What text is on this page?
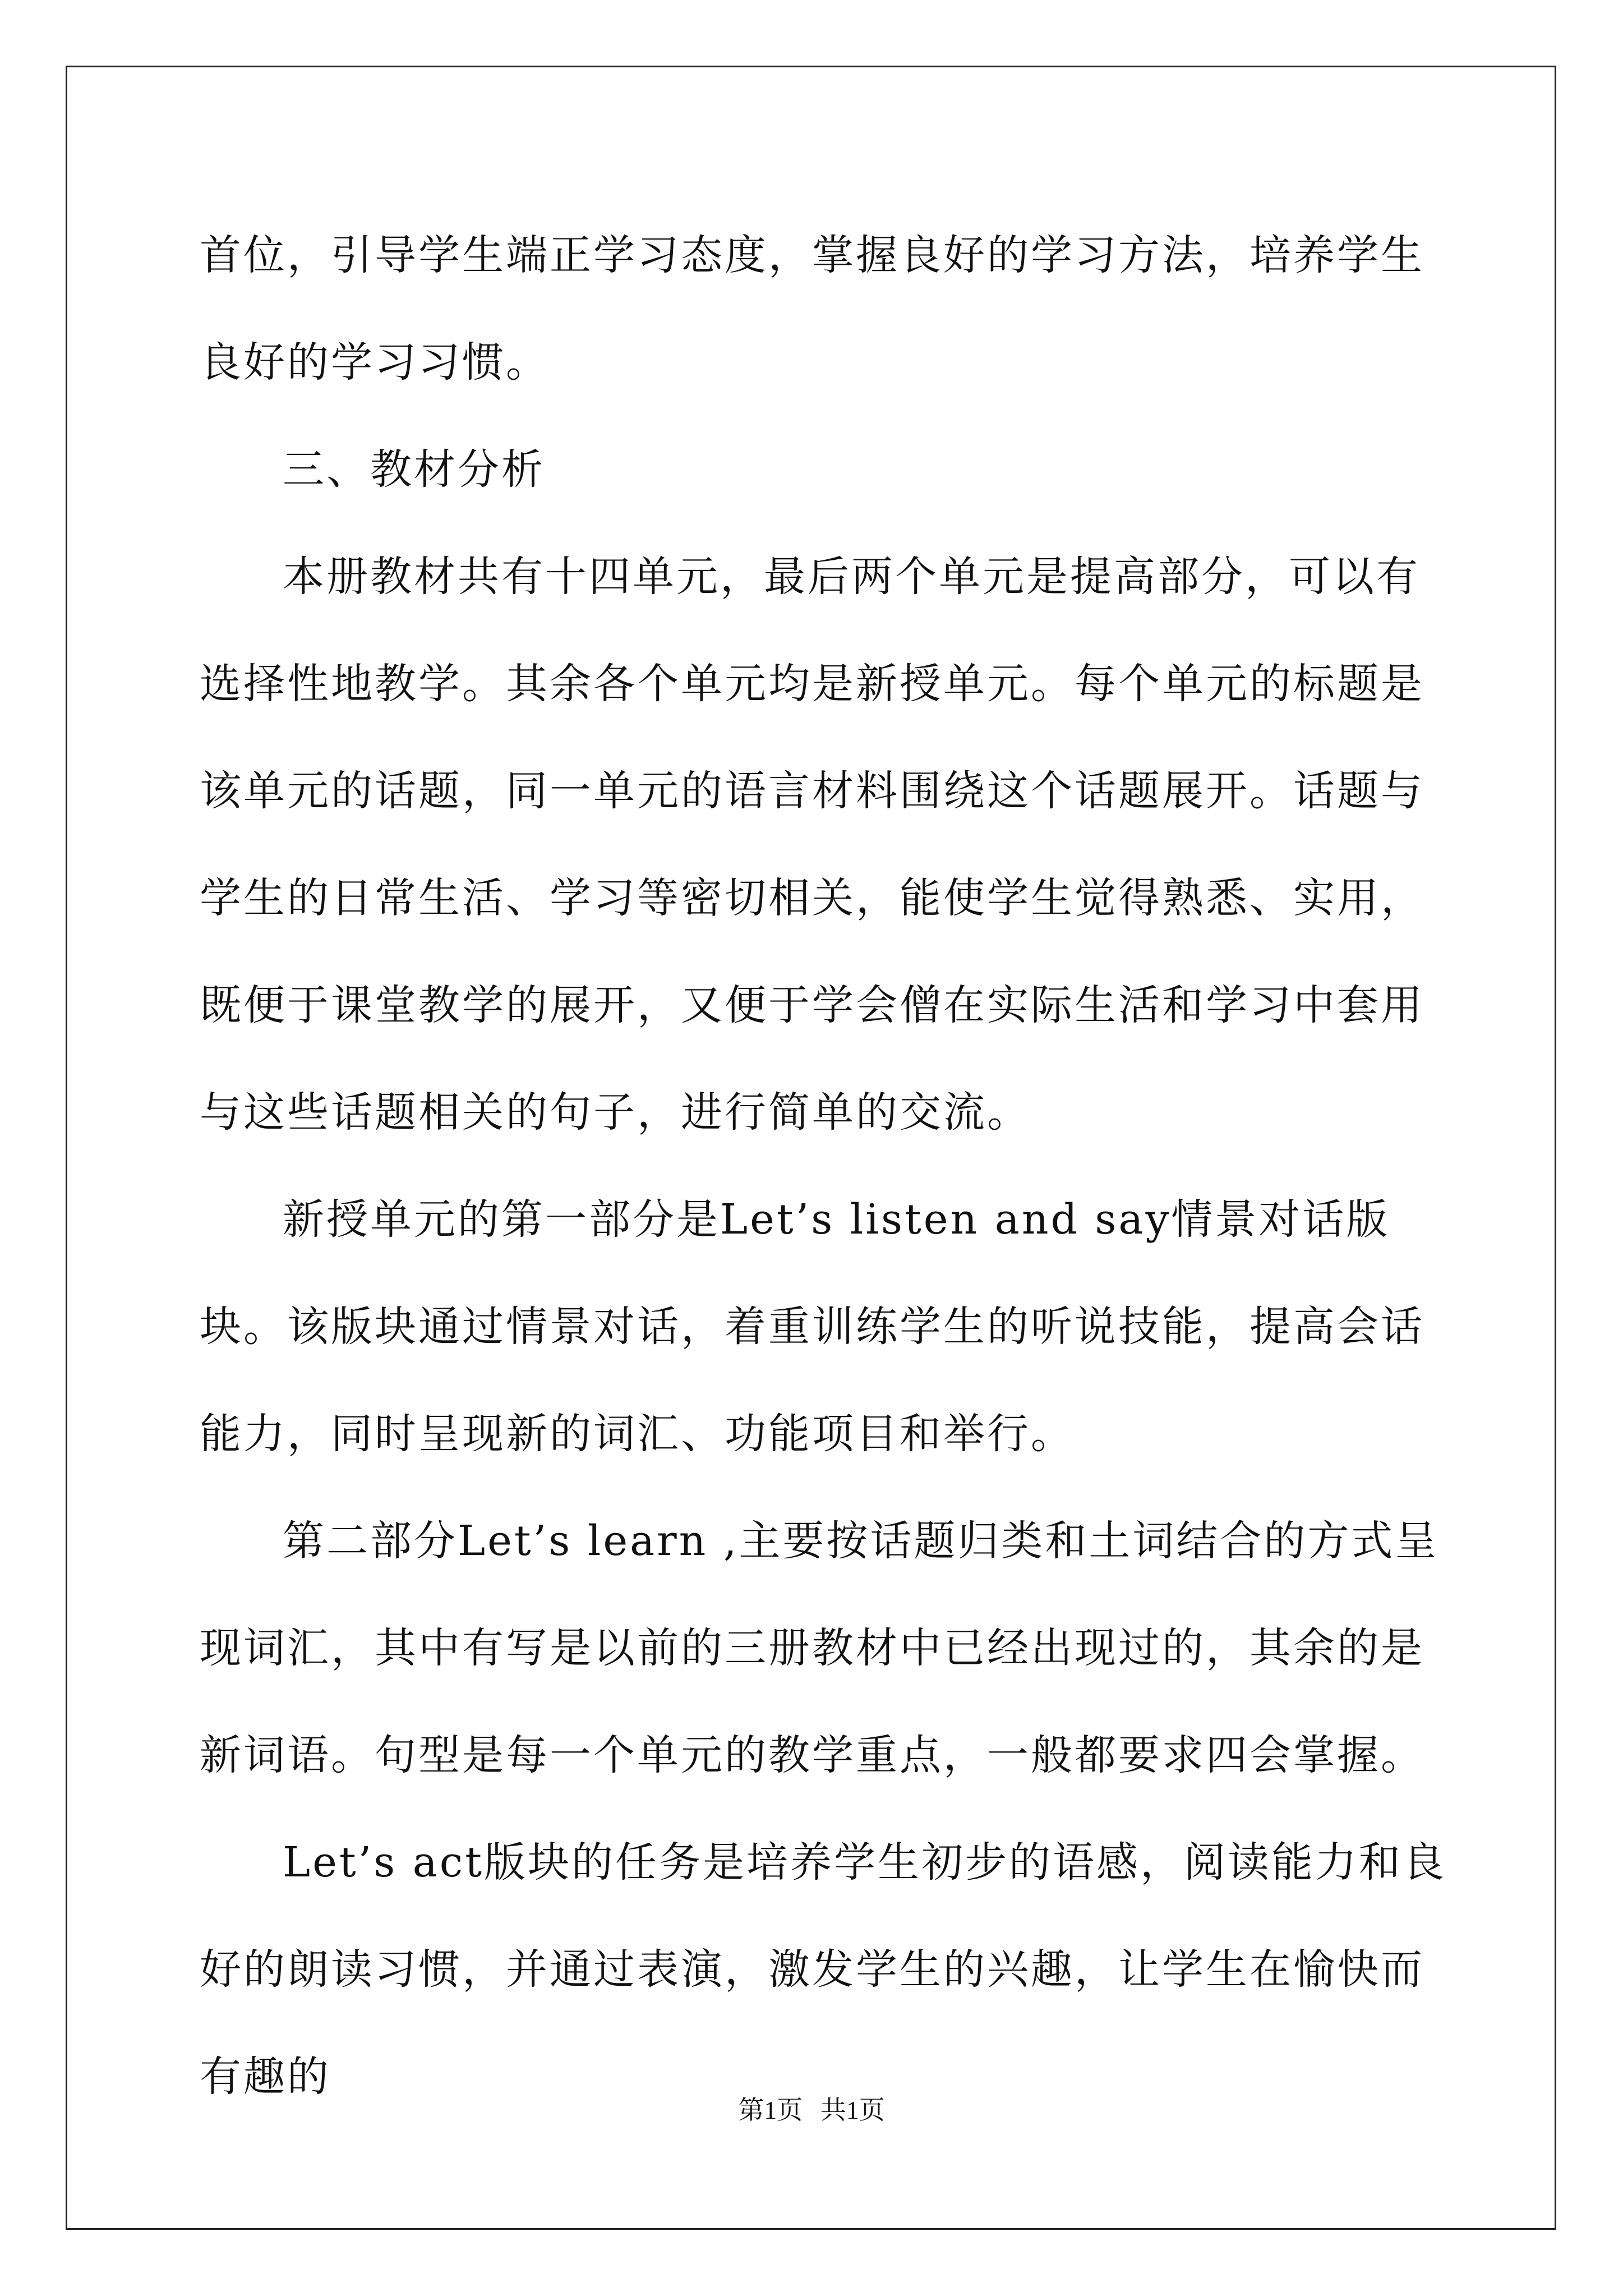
首位，引导学生端正学习态度，掌握良好的学习方法，培养学生良好的学习习惯。

三、教材分析

本册教材共有十四单元，最后两个单元是提高部分，可以有选择性地教学。其余各个单元均是新授单元。每个单元的标题是该单元的话题，同一单元的语言材料围绕这个话题展开。话题与学生的日常生活、学习等密切相关，能使学生觉得熟悉、实用，既便于课堂教学的展开，又便于学会僧在实际生活和学习中套用与这些话题相关的句子，进行简单的交流。

新授单元的第一部分是Let’s listen and say情景对话版块。该版块通过情景对话，着重训练学生的听说技能，提高会话能力，同时呈现新的词汇、功能项目和举行。

第二部分Let’s learn ,主要按话题归类和土词结合的方式呈现词汇，其中有写是以前的三册教材中已经出现过的，其余的是新词语。句型是每一个单元的教学重点，一般都要求四会掌握。

Let’s act版块的任务是培养学生初步的语感，阅读能力和良好的朗读习惯，并通过表演，激发学生的兴趣，让学生在愉快而有趣的

第1页 共1页
